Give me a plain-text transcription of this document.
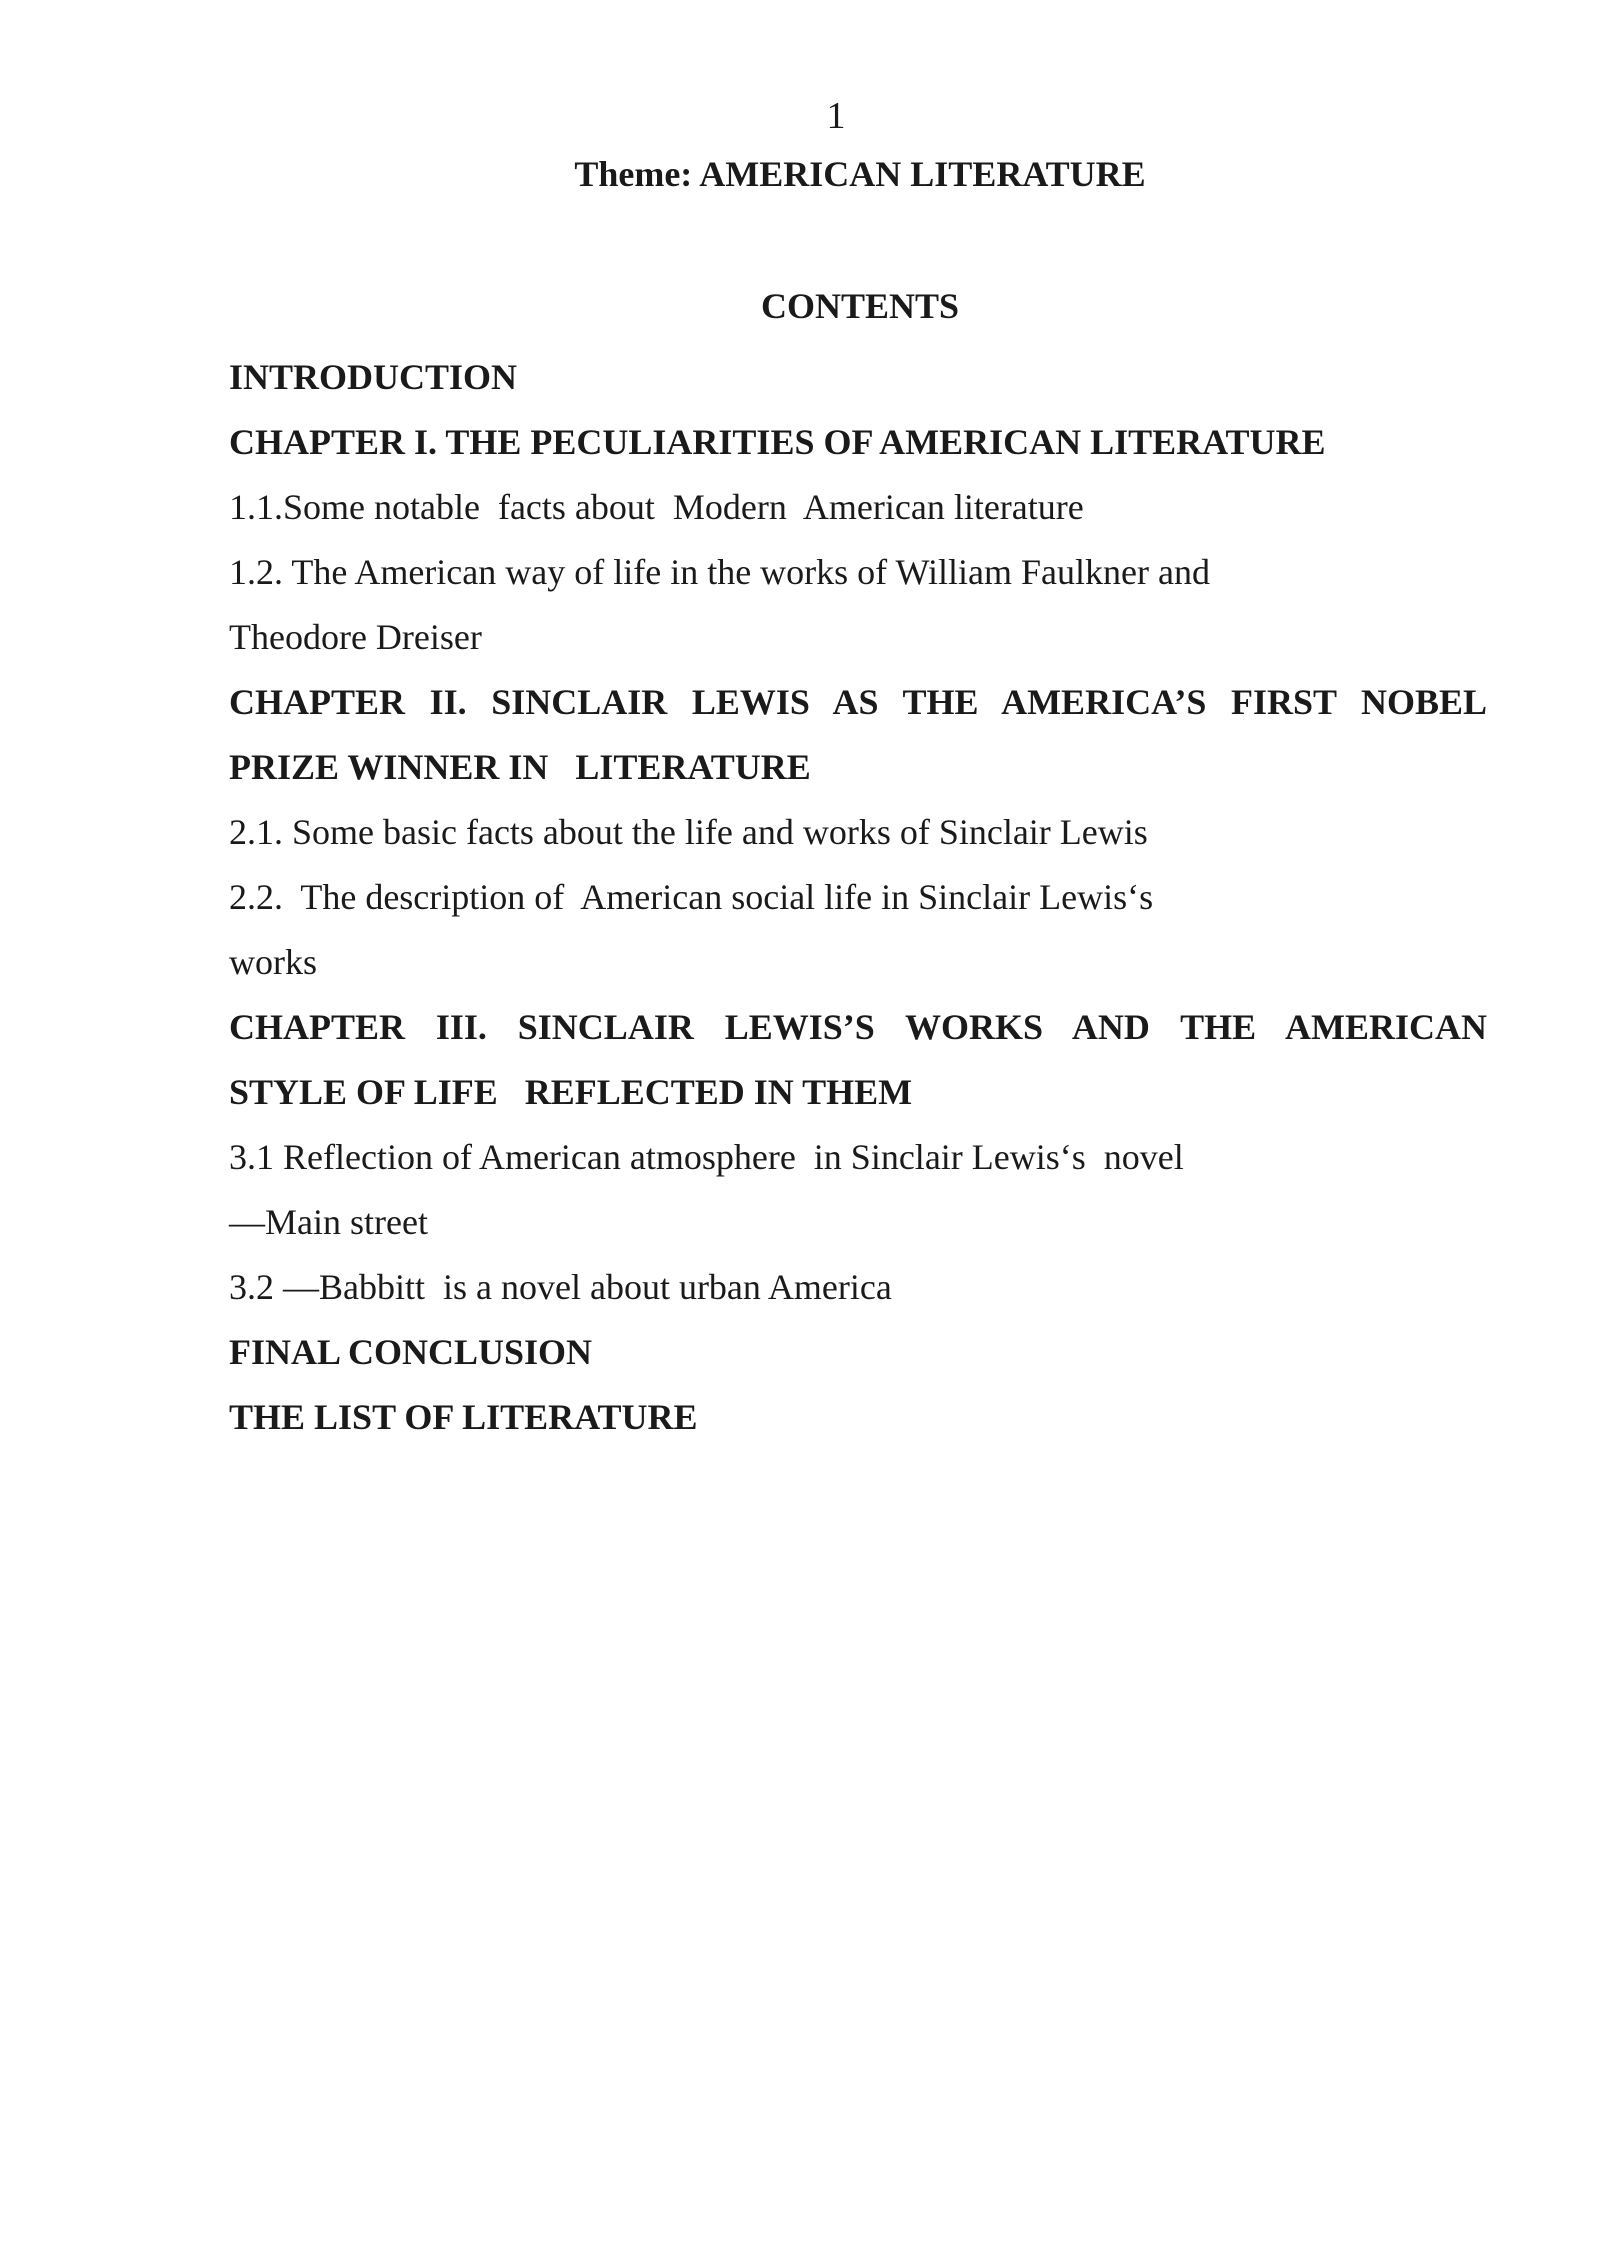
1
Theme: AMERICAN LITERATURE
CONTENTS
INTRODUCTION
CHAPTER I. THE PECULIARITIES OF AMERICAN LITERATURE
1.1.Some notable  facts about  Modern  American literature
1.2. The American way of life in the works of William Faulkner and
Theodore Dreiser
CHAPTER II. SINCLAIR LEWIS AS THE AMERICA’S FIRST NOBEL
PRIZE WINNER IN   LITERATURE
2.1. Some basic facts about the life and works of Sinclair Lewis
2.2.  The description of  American social life in Sinclair Lewis‘s
works
CHAPTER III. SINCLAIR LEWIS’S WORKS AND THE AMERICAN
STYLE OF LIFE   REFLECTED IN THEM
3.1 Reflection of American atmosphere  in Sinclair Lewis‘s  novel
―Main street
3.2 ―Babbitt  is a novel about urban America
FINAL CONCLUSION
THE LIST OF LITERATURE
